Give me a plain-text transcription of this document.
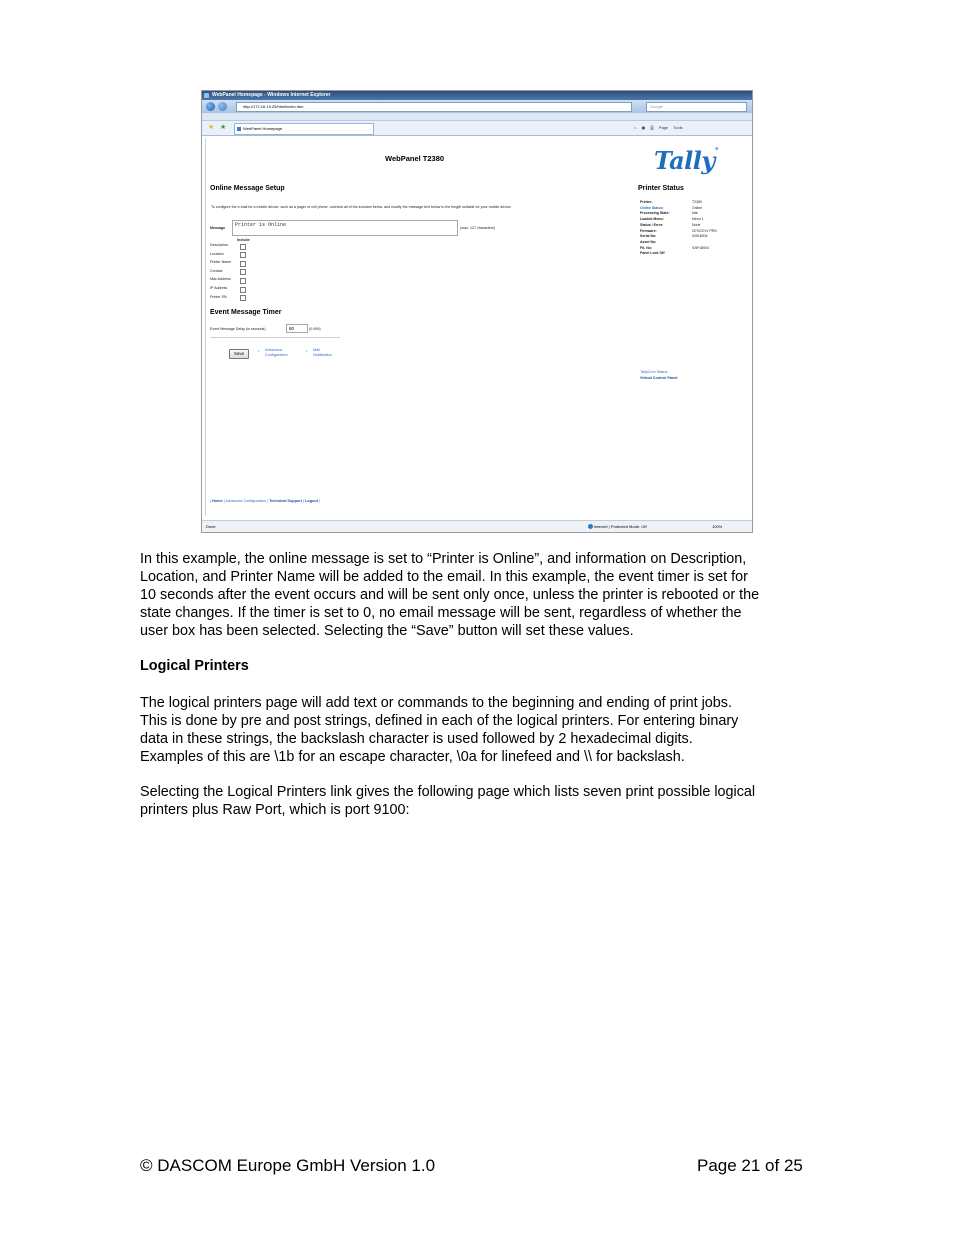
WebPanel Homepage - Windows Internet Explorer
http://172.16.19.25/html/index.htm	Google
★ ★	WebPanel Homepage	⌂ ▣ ⎙ Page Tools
WebPanel T2380	Tally®
Online Message Setup
To configure the e-mail for a mobile device, such as a pager or cell phone, uncheck all of the includes below, and modify the message text below to the length suitable for your mobile device.
Message	Printer is Online	(max. 127 characters)
Include
Description
Location
Printer Name
Contact
Mac Address
IP Address
Printer SN
Event Message Timer
Event Message Delay (in seconds)	60	(0-999)
Save
• Advanced
Configuration
• Mail
Notification
Printer Status
Printer:	T2380
Online Status:	Online
Processing State:	Idle
Loaded Menu:	Menu 1
Status / Error:	None
Firmware:	I370237v1 PRO
Serial No:	92918004
Asset No:
Fit. No:	928*18004
Panel Lock Off
TallyCom Status
Virtual Control Panel
| Home | Advanced Configuration | Technical Support | Logout |
Done	Internet | Protected Mode: Off	100%
In this example, the online message is set to “Printer is Online”, and information on Description,
Location, and Printer Name will be added to the email. In this example, the event timer is set for
10 seconds after the event occurs and will be sent only once, unless the printer is rebooted or the
state changes. If the timer is set to 0, no email message will be sent, regardless of whether the
user box has been selected. Selecting the “Save” button will set these values.
Logical Printers
The logical printers page will add text or commands to the beginning and ending of print jobs.
This is done by pre and post strings, defined in each of the logical printers. For entering binary
data in these strings, the backslash character is used followed by 2 hexadecimal digits.
Examples of this are \1b for an escape character, \0a for linefeed and \\ for backslash.
Selecting the Logical Printers link gives the following page which lists seven print possible logical
printers plus Raw Port, which is port 9100:
© DASCOM Europe GmbH Version 1.0	Page 21 of 25
